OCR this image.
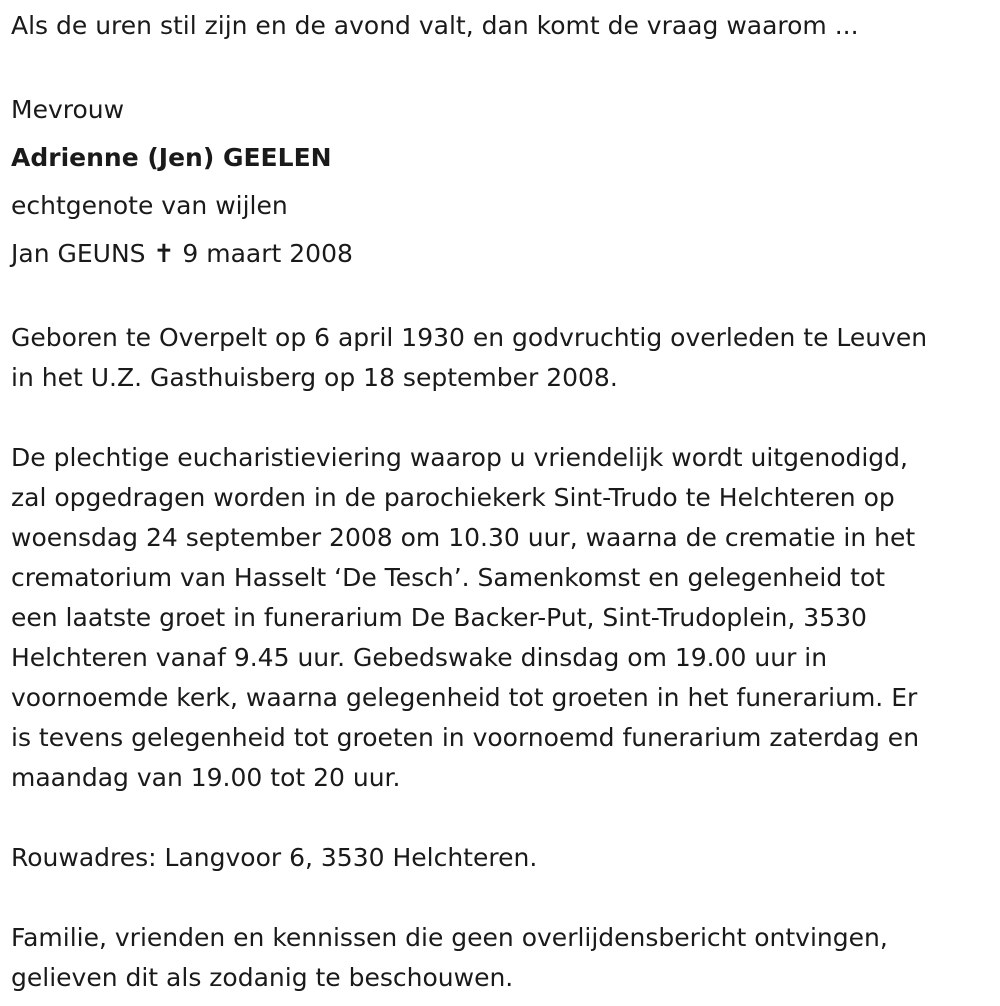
Als de uren stil zijn en de avond valt, dan komt de vraag waarom ...

Mevrouw

Adrienne (Jen) GEELEN

echtgenote van wijlen

Jan GEUNS ✝ 9 maart 2008

Geboren te Overpelt op 6 april 1930 en godvruchtig overleden te Leuven
in het U.Z. Gasthuisberg op 18 september 2008.

De plechtige eucharistieviering waarop u vriendelijk wordt uitgenodigd,
zal opgedragen worden in de parochiekerk Sint-Trudo te Helchteren op
woensdag 24 september 2008 om 10.30 uur, waarna de crematie in het
crematorium van Hasselt ‘De Tesch’. Samenkomst en gelegenheid tot
een laatste groet in funerarium De Backer-Put, Sint-Trudoplein, 3530
Helchteren vanaf 9.45 uur. Gebedswake dinsdag om 19.00 uur in
voornoemde kerk, waarna gelegenheid tot groeten in het funerarium. Er
is tevens gelegenheid tot groeten in voornoemd funerarium zaterdag en
maandag van 19.00 tot 20 uur.

Rouwadres: Langvoor 6, 3530 Helchteren.

Familie, vrienden en kennissen die geen overlijdensbericht ontvingen,
gelieven dit als zodanig te beschouwen.
